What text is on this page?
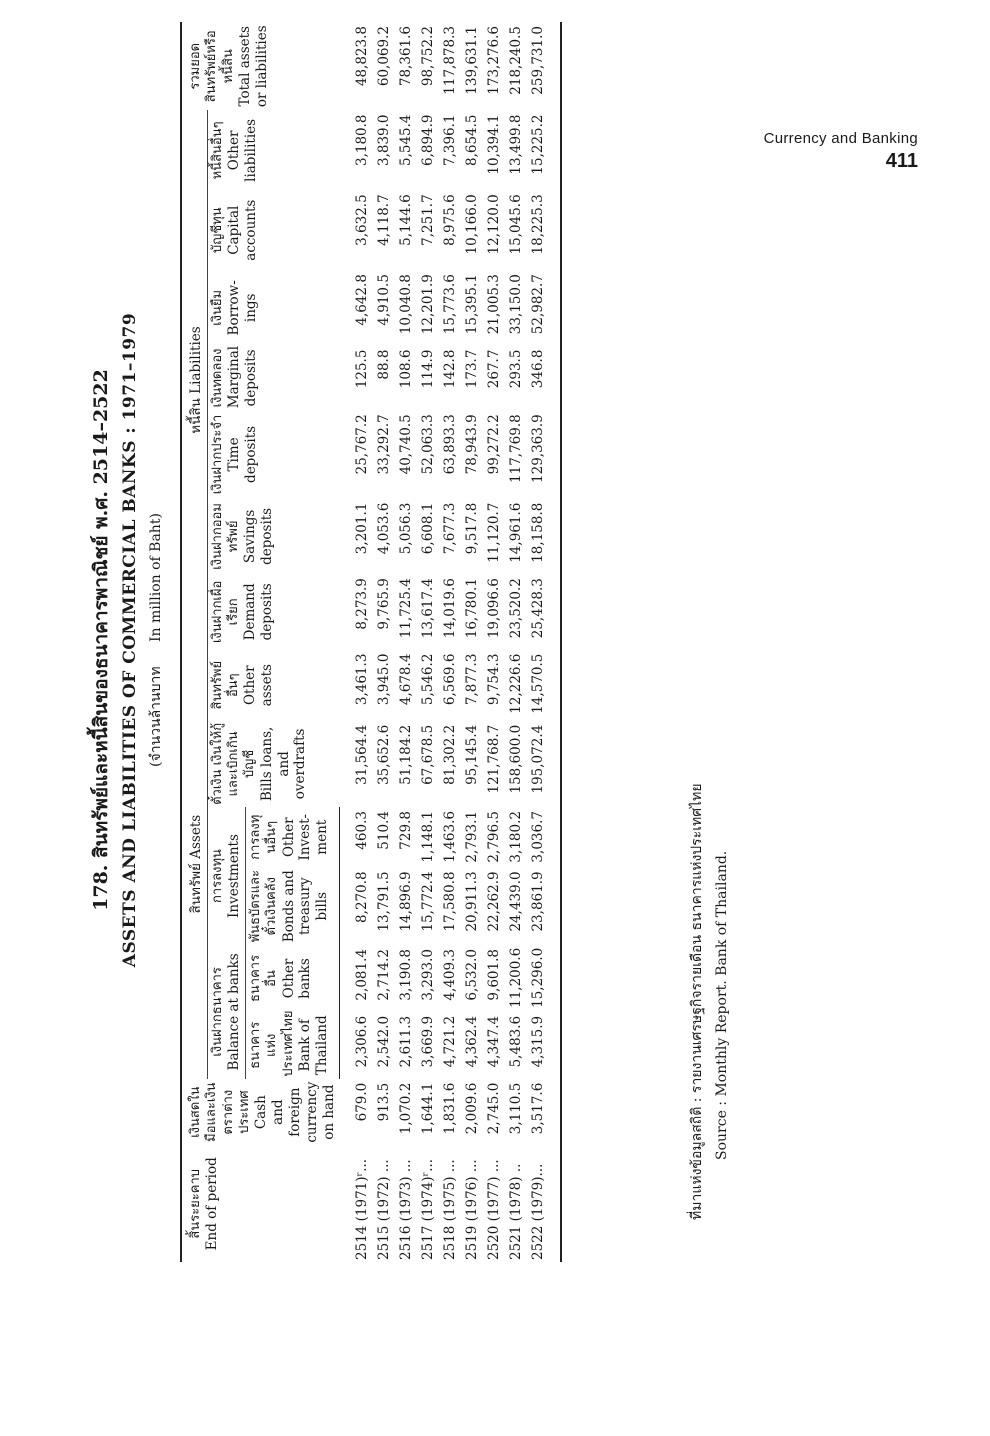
Currency and Banking
411
178. สินทรัพย์และหนี้สินของธนาคารพาณิชย์ พ.ศ. 2514–2522 ASSETS AND LIABILITIES OF COMMERCIAL BANKS : 1971–1979 (จำนวนล้านบาท In million of Baht)
สิ้นระยะคาบ End of period	เงินสดในมือและเงินตราต่างประเทศ Cash and foreign currency on hand	สินทรัพย์ Assets						หนี้สิน Liabilities							รวมยอดสินทรัพย์หรือหนี้สิน Total assets or liabilities

		เงินฝากธนาคาร Balance at banks		การลงทุน Investments		ตั๋วเงิน เงินให้กู้และเบิกเกินบัญชี Bills loans, and overdrafts	สินทรัพย์อื่นๆ Other assets	เงินฝากเผื่อเรียก Demand deposits	เงินฝากออมทรัพย์ Savings deposits	เงินฝากประจำ Time deposits	เงินทดลอง Marginal deposits	เงินยืม Borrow- ings	บัญชีทุน Capital accounts	หนี้สินอื่นๆ Other liabilities	

		ธนาคารแห่งประเทศไทย Bank of Thailand	ธนาคารอื่น Other banks	พันธบัตรและตั๋วเงินคลัง Bonds and treasury bills	การลงทุนอื่นๆ Other Invest- ment										

2514 (1971)ʳ...	679.0	2,306.6	2,081.4	8,270.8	460.3	31,564.4	3,461.3	8,273.9	3,201.1	25,767.2	125.5	4,642.8	3,632.5	3,180.8	48,823.8
2515 (1972) ...	913.5	2,542.0	2,714.2	13,791.5	510.4	35,652.6	3,945.0	9,765.9	4,053.6	33,292.7	88.8	4,910.5	4,118.7	3,839.0	60,069.2
2516 (1973) ...	1,070.2	2,611.3	3,190.8	14,896.9	729.8	51,184.2	4,678.4	11,725.4	5,056.3	40,740.5	108.6	10,040.8	5,144.6	5,545.4	78,361.6
2517 (1974)ʳ...	1,644.1	3,669.9	3,293.0	15,772.4	1,148.1	67,678.5	5,546.2	13,617.4	6,608.1	52,063.3	114.9	12,201.9	7,251.7	6,894.9	98,752.2
2518 (1975) ...	1,831.6	4,721.2	4,409.3	17,580.8	1,463.6	81,302.2	6,569.6	14,019.6	7,677.3	63,893.3	142.8	15,773.6	8,975.6	7,396.1	117,878.3
2519 (1976) ...	2,009.6	4,362.4	6,532.0	20,911.3	2,793.1	95,145.4	7,877.3	16,780.1	9,517.8	78,943.9	173.7	15,395.1	10,166.0	8,654.5	139,631.1
2520 (1977) ...	2,745.0	4,347.4	9,601.8	22,262.9	2,796.5	121,768.7	9,754.3	19,096.6	11,120.7	99,272.2	267.7	21,005.3	12,120.0	10,394.1	173,276.6
2521 (1978) ..	3,110.5	5,483.6	11,200.6	24,439.0	3,180.2	158,600.0	12,226.6	23,520.2	14,961.6	117,769.8	293.5	33,150.0	15,045.6	13,499.8	218,240.5
2522 (1979)...	3,517.6	4,315.9	15,296.0	23,861.9	3,036.7	195,072.4	14,570.5	25,428.3	18,158.8	129,363.9	346.8	52,982.7	18,225.3	15,225.2	259,731.0
ที่มาแห่งข้อมูลสถิติ : รายงานเศรษฐกิจรายเดือน ธนาคารแห่งประเทศไทย Source : Monthly Report. Bank of Thailand.
